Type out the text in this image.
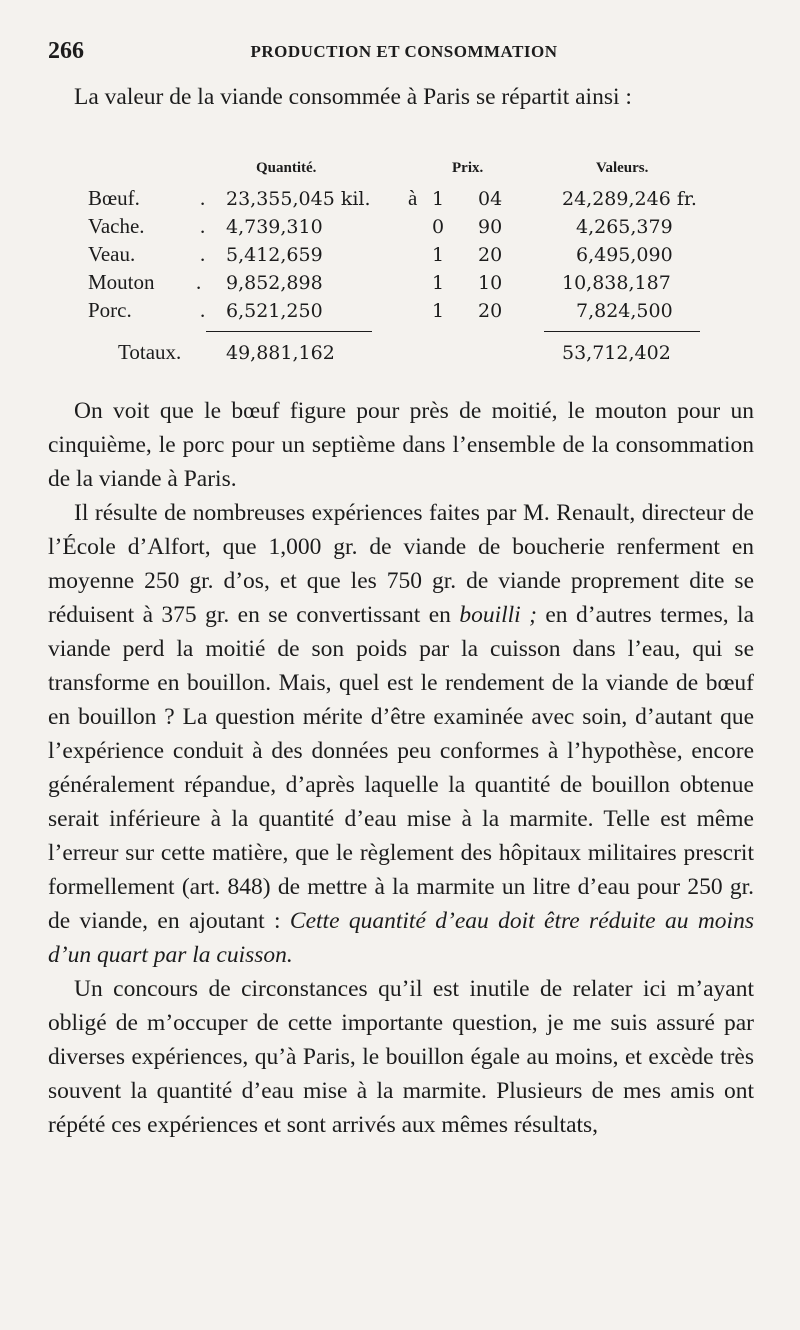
266	PRODUCTION ET CONSOMMATION
La valeur de la viande consommée à Paris se répartit ainsi :
Quantité.	Prix.	Valeurs.
Bœuf.	. 23,355,045 kil. à 1 04	24,289,246 fr.
Vache.	. 4,739,310	0 90	4,265,379
Veau.	. 5,412,659	1 20	6,495,090
Mouton . 9,852,898	1 10	10,838,187
Porc.	. 6,521,250	1 20	7,824,500
Totaux. 49,881,162	53,712,402

On voit que le bœuf figure pour près de moitié, le mouton pour un cinquième, le porc pour un septième dans l’ensemble de la consommation de la viande à Paris.

Il résulte de nombreuses expériences faites par M. Renault, directeur de l’École d’Alfort, que 1,000 gr. de viande de boucherie renferment en moyenne 250 gr. d’os, et que les 750 gr. de viande proprement dite se réduisent à 375 gr. en se convertissant en bouilli ; en d’autres termes, la viande perd la moitié de son poids par la cuisson dans l’eau, qui se transforme en bouillon. Mais, quel est le rendement de la viande de bœuf en bouillon ? La question mérite d’être examinée avec soin, d’autant que l’expérience conduit à des données peu conformes à l’hypothèse, encore généralement répandue, d’après laquelle la quantité de bouillon obtenue serait inférieure à la quantité d’eau mise à la marmite. Telle est même l’erreur sur cette matière, que le règlement des hôpitaux militaires prescrit formellement (art. 848) de mettre à la marmite un litre d’eau pour 250 gr. de viande, en ajoutant : Cette quantité d’eau doit être réduite au moins d’un quart par la cuisson.

Un concours de circonstances qu’il est inutile de relater ici m’ayant obligé de m’occuper de cette importante question, je me suis assuré par diverses expériences, qu’à Paris, le bouillon égale au moins, et excède très souvent la quantité d’eau mise à la marmite. Plusieurs de mes amis ont répété ces expériences et sont arrivés aux mêmes résultats,
